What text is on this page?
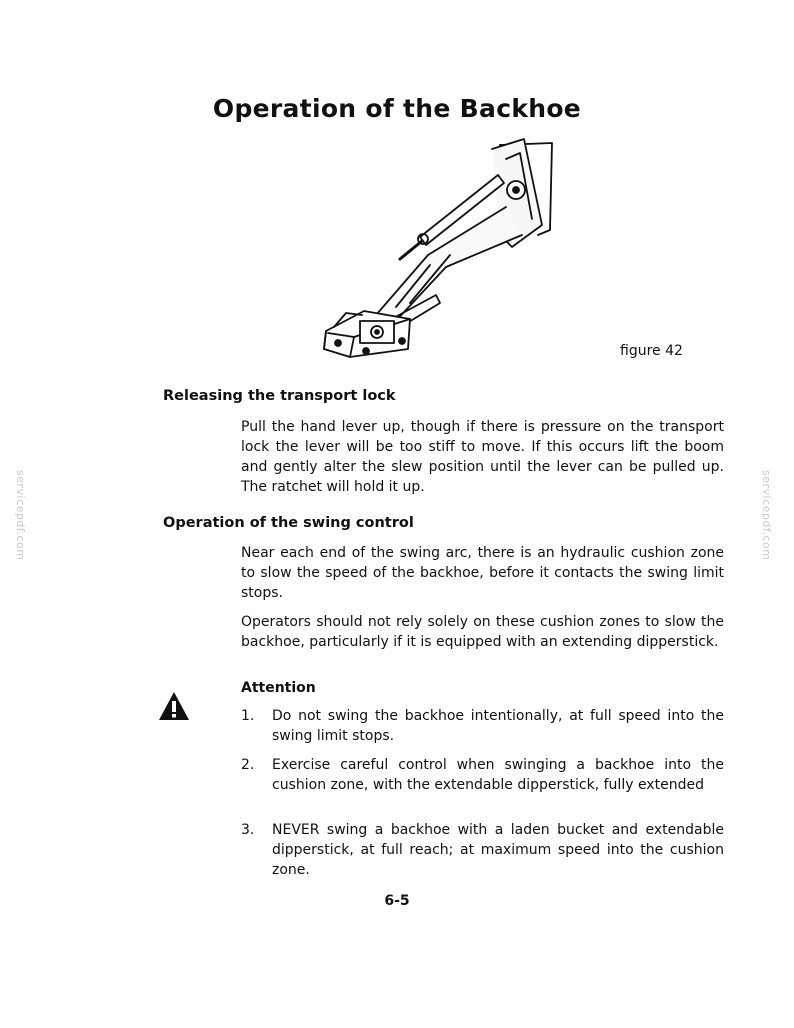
Operation of the Backhoe
figure 42
Releasing the transport lock

Pull the hand lever up, though if there is pressure on the transport lock the lever will be too stiff to move. If this occurs lift the boom and gently alter the slew position until the lever can be pulled up. The ratchet will hold it up.

Operation of the swing control

Near each end of the swing arc, there is an hydraulic cushion zone to slow the speed of the backhoe, before it contacts the swing limit stops.

Operators should not rely solely on these cushion zones to slow the backhoe, particularly if it is equipped with an extending dipperstick.

Attention
1.	Do not swing the backhoe intentionally, at full speed into the swing limit stops.
2.	Exercise careful control when swinging a backhoe into the cushion zone, with the extendable dipperstick, fully extended
3.	NEVER swing a backhoe with a laden bucket and extendable dipperstick, at full reach; at maximum speed into the cushion zone.
6-5
servicepdf.com	servicepdf.com
